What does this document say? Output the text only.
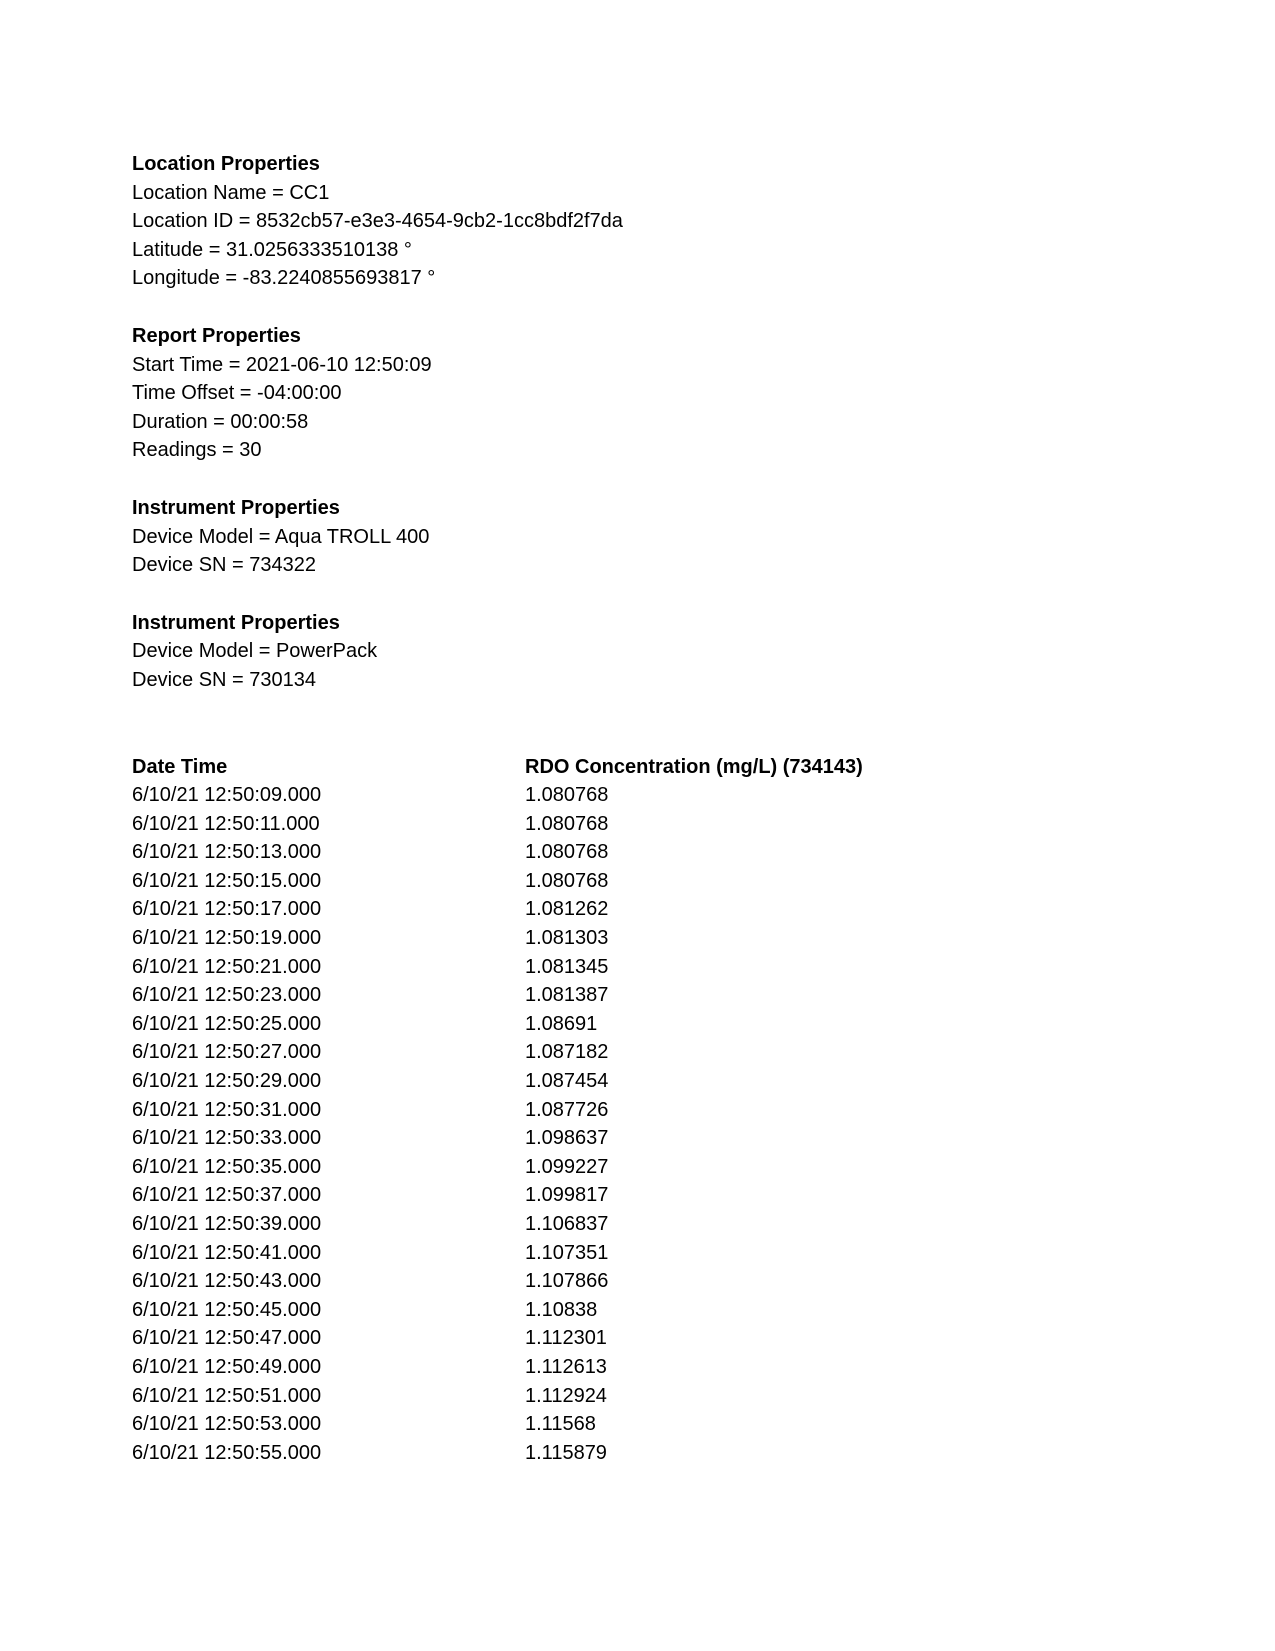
Location Properties
Location Name = CC1
Location ID = 8532cb57-e3e3-4654-9cb2-1cc8bdf2f7da
Latitude = 31.0256333510138 °
Longitude = -83.2240855693817 °
Report Properties
Start Time = 2021-06-10 12:50:09
Time Offset = -04:00:00
Duration = 00:00:58
Readings = 30
Instrument Properties
Device Model = Aqua TROLL 400
Device SN = 734322
Instrument Properties
Device Model = PowerPack
Device SN = 730134
Date Time	RDO Concentration (mg/L) (734143)
6/10/21 12:50:09.000	1.080768
6/10/21 12:50:11.000	1.080768
6/10/21 12:50:13.000	1.080768
6/10/21 12:50:15.000	1.080768
6/10/21 12:50:17.000	1.081262
6/10/21 12:50:19.000	1.081303
6/10/21 12:50:21.000	1.081345
6/10/21 12:50:23.000	1.081387
6/10/21 12:50:25.000	1.08691
6/10/21 12:50:27.000	1.087182
6/10/21 12:50:29.000	1.087454
6/10/21 12:50:31.000	1.087726
6/10/21 12:50:33.000	1.098637
6/10/21 12:50:35.000	1.099227
6/10/21 12:50:37.000	1.099817
6/10/21 12:50:39.000	1.106837
6/10/21 12:50:41.000	1.107351
6/10/21 12:50:43.000	1.107866
6/10/21 12:50:45.000	1.10838
6/10/21 12:50:47.000	1.112301
6/10/21 12:50:49.000	1.112613
6/10/21 12:50:51.000	1.112924
6/10/21 12:50:53.000	1.11568
6/10/21 12:50:55.000	1.115879
